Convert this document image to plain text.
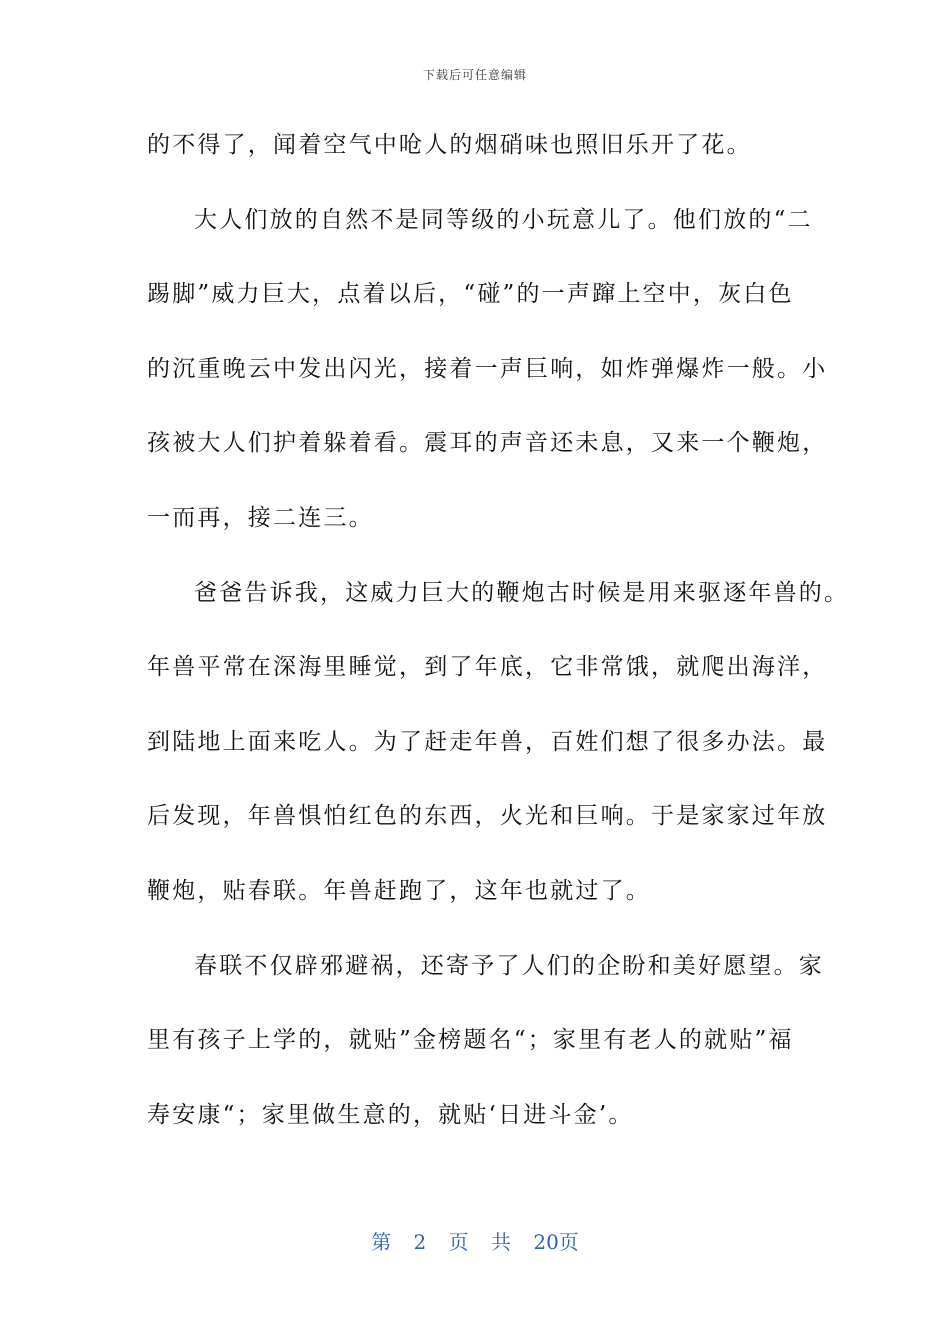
下载后可任意编辑
的不得了，闻着空气中呛人的烟硝味也照旧乐开了花。
大人们放的自然不是同等级的小玩意儿了。他们放的“二
踢脚”威力巨大，点着以后，“碰”的一声蹿上空中，灰白色
的沉重晚云中发出闪光，接着一声巨响，如炸弹爆炸一般。小
孩被大人们护着躲着看。震耳的声音还未息，又来一个鞭炮，
一而再，接二连三。
爸爸告诉我，这威力巨大的鞭炮古时候是用来驱逐年兽的。
年兽平常在深海里睡觉，到了年底，它非常饿，就爬出海洋，
到陆地上面来吃人。为了赶走年兽，百姓们想了很多办法。最
后发现，年兽惧怕红色的东西，火光和巨响。于是家家过年放
鞭炮，贴春联。年兽赶跑了，这年也就过了。
春联不仅辟邪避祸，还寄予了人们的企盼和美好愿望。家
里有孩子上学的，就贴”金榜题名“；家里有老人的就贴”福
寿安康“；家里做生意的，就贴‘日进斗金’。
第 2 页 共 20页
